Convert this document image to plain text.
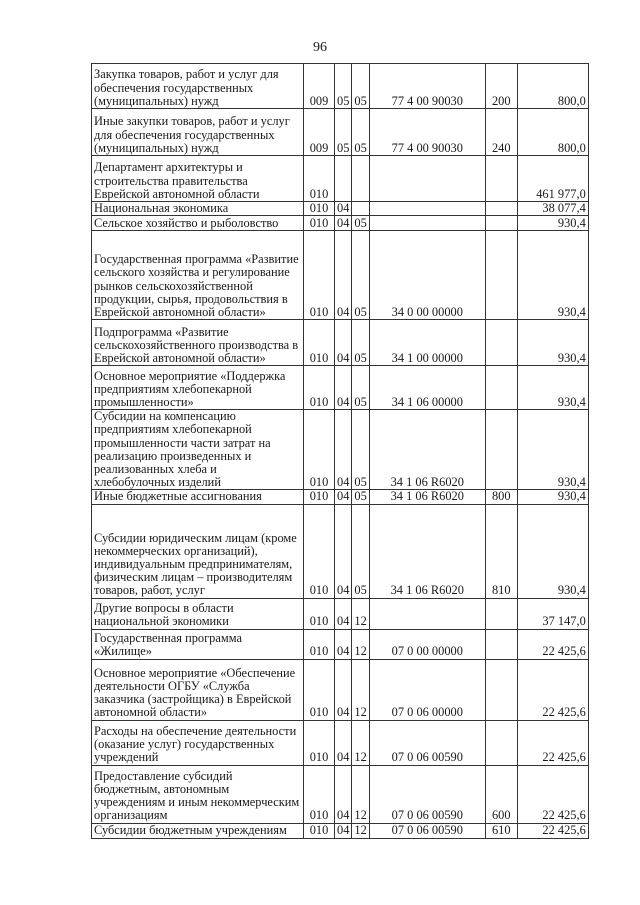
96
Закупка товаров, работ и услуг для обеспечения государственных (муниципальных) нужд	009	05	05	77 4 00 90030	200	800,0
Иные закупки товаров, работ и услуг для обеспечения государственных (муниципальных) нужд	009	05	05	77 4 00 90030	240	800,0
Департамент архитектуры и строительства правительства Еврейской автономной области	010					461 977,0
Национальная экономика	010	04				38 077,4
Сельское хозяйство и рыболовство	010	04	05			930,4
Государственная программа «Развитие сельского хозяйства и регулирование рынков сельскохозяйственной продукции, сырья, продовольствия в Еврейской автономной области»	010	04	05	34 0 00 00000		930,4
Подпрограмма «Развитие сельскохозяйственного производства в Еврейской автономной области»	010	04	05	34 1 00 00000		930,4
Основное мероприятие «Поддержка предприятиям хлебопекарной промышленности»	010	04	05	34 1 06 00000		930,4
Субсидии на компенсацию предприятиям хлебопекарной промышленности части затрат на реализацию произведенных и реализованных хлеба и хлебобулочных изделий	010	04	05	34 1 06 R6020		930,4
Иные бюджетные ассигнования	010	04	05	34 1 06 R6020	800	930,4
Субсидии юридическим лицам (кроме некоммерческих организаций), индивидуальным предпринимателям, физическим лицам – производителям товаров, работ, услуг	010	04	05	34 1 06 R6020	810	930,4
Другие вопросы в области национальной экономики	010	04	12			37 147,0
Государственная программа «Жилище»	010	04	12	07 0 00 00000		22 425,6
Основное мероприятие «Обеспечение деятельности ОГБУ «Служба заказчика (застройщика) в Еврейской автономной области»	010	04	12	07 0 06 00000		22 425,6
Расходы на обеспечение деятельности (оказание услуг) государственных учреждений	010	04	12	07 0 06 00590		22 425,6
Предоставление субсидий бюджетным, автономным учреждениям и иным некоммерческим организациям	010	04	12	07 0 06 00590	600	22 425,6
Субсидии бюджетным учреждениям	010	04	12	07 0 06 00590	610	22 425,6
